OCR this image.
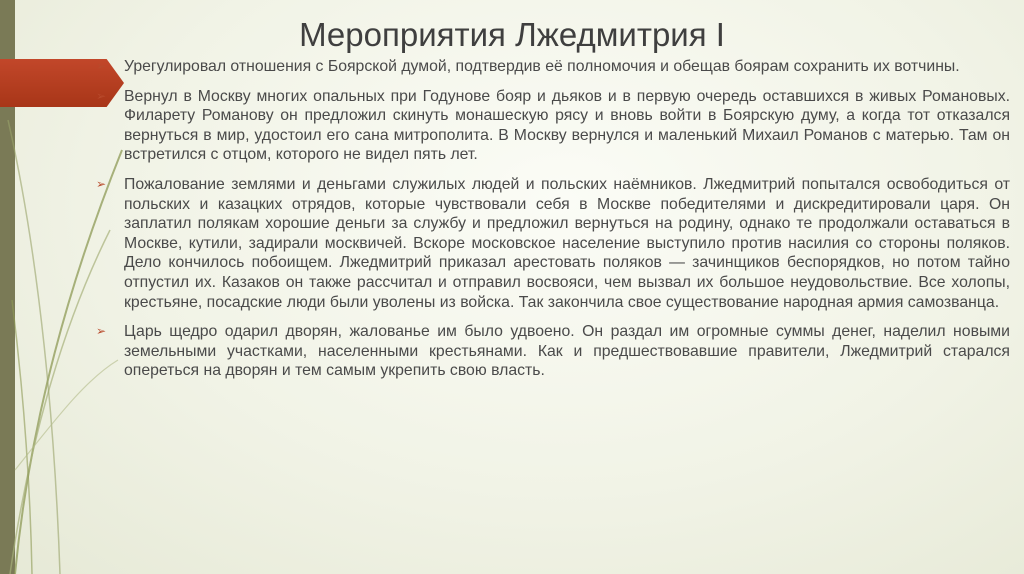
Мероприятия Лжедмитрия I
➢ Урегулировал отношения с Боярской думой, подтвердив её полномочия и обещав боярам сохранить их вотчины.
➢ Вернул в Москву многих опальных при Годунове бояр и дьяков и в первую очередь оставшихся в живых Романовых. Филарету Романову он предложил скинуть монашескую рясу и вновь войти в Боярскую думу, а когда тот отказался вернуться в мир, удостоил его сана митрополита. В Москву вернулся и маленький Михаил Романов с матерью. Там он встретился с отцом, которого не видел пять лет.
➢ Пожалование землями и деньгами служилых людей и польских наёмников. Лжедмитрий попытался освободиться от польских и казацких отрядов, которые чувствовали себя в Москве победителями и дискредитировали царя. Он заплатил полякам хорошие деньги за службу и предложил вернуться на родину, однако те продолжали оставаться в Москве, кутили, задирали москвичей. Вскоре московское население выступило против насилия со стороны поляков. Дело кончилось побоищем. Лжедмитрий приказал арестовать поляков — зачинщиков беспорядков, но потом тайно отпустил их. Казаков он также рассчитал и отправил восвояси, чем вызвал их большое неудовольствие. Все холопы, крестьяне, посадские люди были уволены из войска. Так закончила свое существование народная армия самозванца.
➢ Царь щедро одарил дворян, жалованье им было удвоено. Он раздал им огромные суммы денег, наделил новыми земельными участками, населенными крестьянами. Как и предшествовавшие правители, Лжедмитрий старался опереться на дворян и тем самым укрепить свою власть.
